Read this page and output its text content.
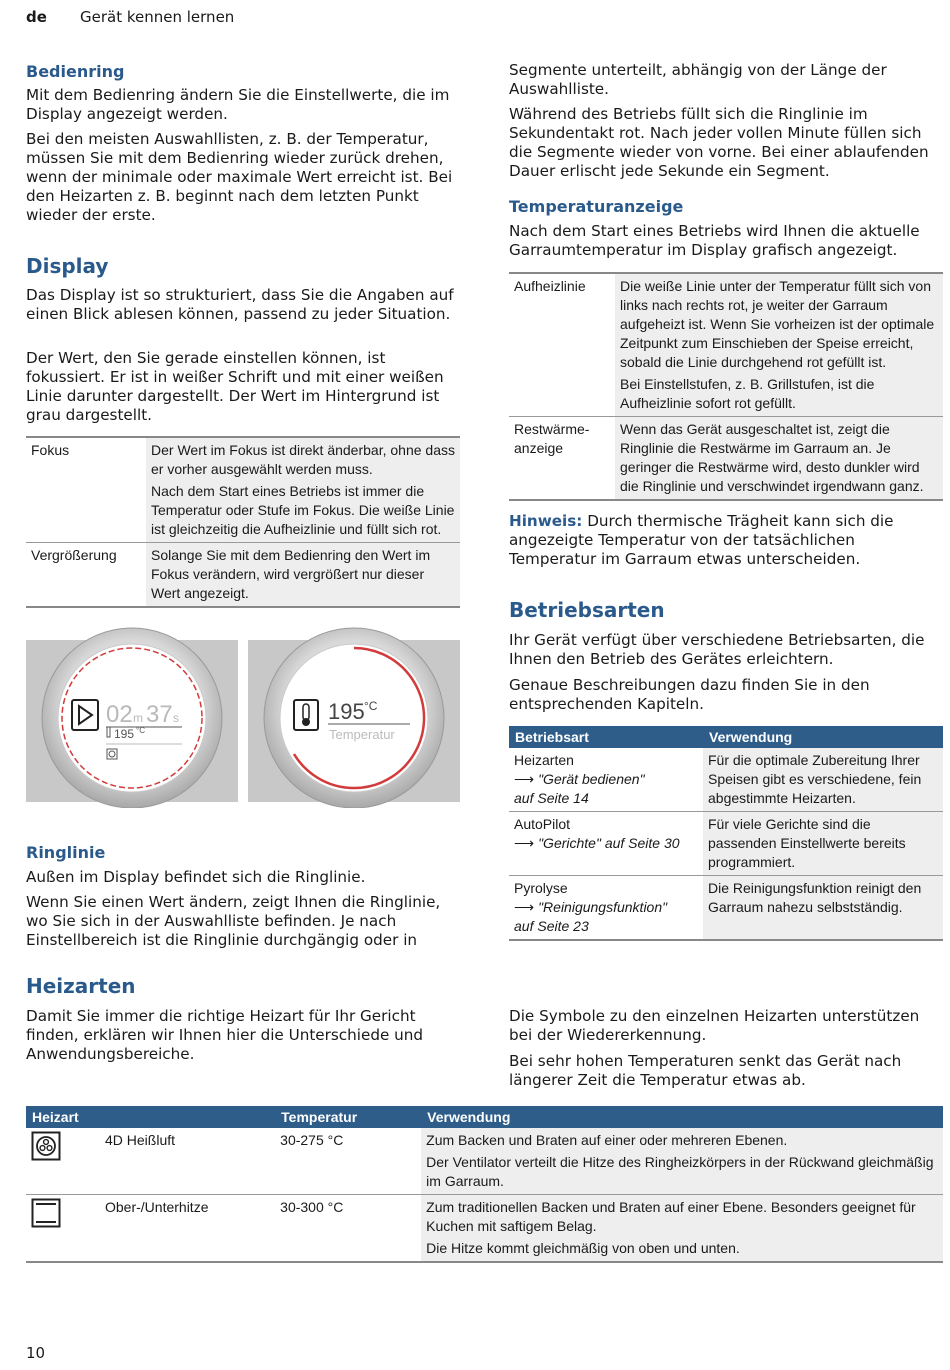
de Gerät kennen lernen
Bedienring

Mit dem Bedienring ändern Sie die Einstellwerte, die im Display angezeigt werden.

Bei den meisten Auswahllisten, z. B. der Temperatur, müssen Sie mit dem Bedienring wieder zurück drehen, wenn der minimale oder maximale Wert erreicht ist. Bei den Heizarten z. B. beginnt nach dem letzten Punkt wieder der erste.

Display

Das Display ist so strukturiert, dass Sie die Angaben auf einen Blick ablesen können, passend zu jeder Situation.

Der Wert, den Sie gerade einstellen können, ist fokussiert. Er ist in weißer Schrift und mit einer weißen Linie darunter dargestellt. Der Wert im Hintergrund ist grau dargestellt.

Fokus	Der Wert im Fokus ist direkt änderbar, ohne dass er vorher ausgewählt werden muss.
Nach dem Start eines Betriebs ist immer die Temperatur oder Stufe im Fokus. Die weiße Linie ist gleichzeitig die Aufheizlinie und füllt sich rot.

Vergrößerung	Solange Sie mit dem Bedienring den Wert im Fokus verändern, wird vergrößert nur dieser Wert angezeigt.
02 m 37 s
195 °C
195 °C
Temperatur
Ringlinie

Außen im Display befindet sich die Ringlinie.

Wenn Sie einen Wert ändern, zeigt Ihnen die Ringlinie, wo Sie sich in der Auswahlliste befinden. Je nach Einstellbereich ist die Ringlinie durchgängig oder in

Segmente unterteilt, abhängig von der Länge der Auswahlliste.

Während des Betriebs füllt sich die Ringlinie im Sekundentakt rot. Nach jeder vollen Minute füllen sich die Segmente wieder von vorne. Bei einer ablaufenden Dauer erlischt jede Sekunde ein Segment.

Temperaturanzeige

Nach dem Start eines Betriebs wird Ihnen die aktuelle Garraumtemperatur im Display grafisch angezeigt.

Aufheizlinie	Die weiße Linie unter der Temperatur füllt sich von links nach rechts rot, je weiter der Garraum aufgeheizt ist. Wenn Sie vorheizen ist der optimale Zeitpunkt zum Einschieben der Speise erreicht, sobald die Linie durchgehend rot gefüllt ist.
Bei Einstellstufen, z. B. Grillstufen, ist die Aufheizlinie sofort rot gefüllt.

Restwärme-anzeige	Wenn das Gerät ausgeschaltet ist, zeigt die Ringlinie die Restwärme im Garraum an. Je geringer die Restwärme wird, desto dunkler wird die Ringlinie und verschwindet irgendwann ganz.

Hinweis: Durch thermische Trägheit kann sich die angezeigte Temperatur von der tatsächlichen Temperatur im Garraum etwas unterscheiden.

Betriebsarten

Ihr Gerät verfügt über verschiedene Betriebsarten, die Ihnen den Betrieb des Gerätes erleichtern.

Genaue Beschreibungen dazu finden Sie in den entsprechenden Kapiteln.

Betriebsart	Verwendung

Heizarten
⟶ "Gerät bedienen"
auf Seite 14	Für die optimale Zubereitung Ihrer Speisen gibt es verschiedene, fein abgestimmte Heizarten.

AutoPilot
⟶ "Gerichte" auf Seite 30	Für viele Gerichte sind die passenden Einstellwerte bereits programmiert.

Pyrolyse
⟶ "Reinigungsfunktion"
auf Seite 23	Die Reinigungsfunktion reinigt den Garraum nahezu selbstständig.
Heizarten

Damit Sie immer die richtige Heizart für Ihr Gericht finden, erklären wir Ihnen hier die Unterschiede und Anwendungsbereiche.

Die Symbole zu den einzelnen Heizarten unterstützen bei der Wiedererkennung.

Bei sehr hohen Temperaturen senkt das Gerät nach längerer Zeit die Temperatur etwas ab.

Heizart		Temperatur	Verwendung
	4D Heißluft	30-275 °C	Zum Backen und Braten auf einer oder mehreren Ebenen.
Der Ventilator verteilt die Hitze des Ringheizkörpers in der Rückwand gleichmäßig im Garraum.

	Ober-/Unterhitze	30-300 °C	Zum traditionellen Backen und Braten auf einer Ebene. Besonders geeignet für Kuchen mit saftigem Belag.
Die Hitze kommt gleichmäßig von oben und unten.
10
